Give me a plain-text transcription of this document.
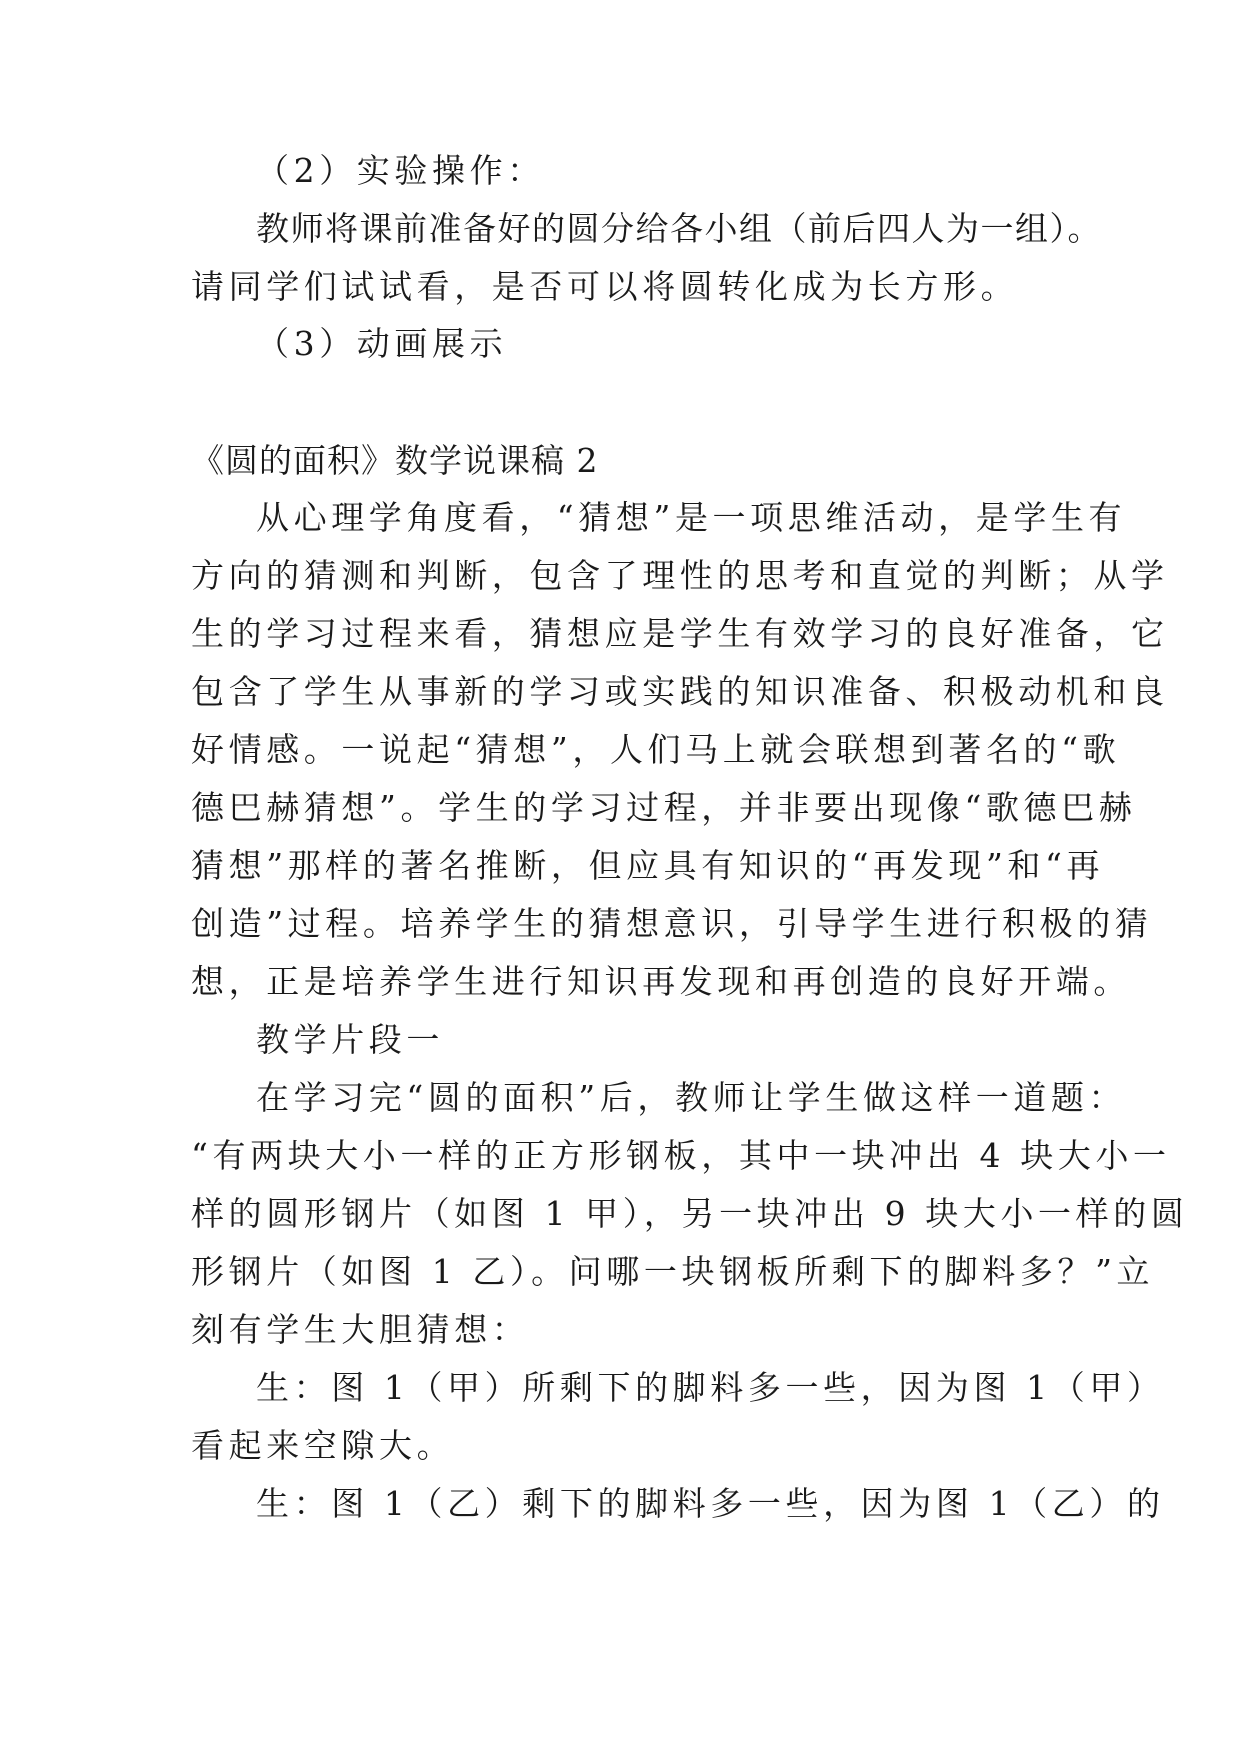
（2）实验操作：

教师将课前准备好的圆分给各小组（前后四人为一组）。

请同学们试试看，是否可以将圆转化成为长方形。

（3）动画展示

《圆的面积》数学说课稿 2

从心理学角度看，“猜想”是一项思维活动，是学生有

方向的猜测和判断，包含了理性的思考和直觉的判断；从学

生的学习过程来看，猜想应是学生有效学习的良好准备，它

包含了学生从事新的学习或实践的知识准备、积极动机和良

好情感。一说起“猜想”，人们马上就会联想到著名的“歌

德巴赫猜想”。学生的学习过程，并非要出现像“歌德巴赫

猜想”那样的著名推断，但应具有知识的“再发现”和“再

创造”过程。培养学生的猜想意识，引导学生进行积极的猜

想，正是培养学生进行知识再发现和再创造的良好开端。

教学片段一

在学习完“圆的面积”后，教师让学生做这样一道题：

“有两块大小一样的正方形钢板，其中一块冲出 4 块大小一

样的圆形钢片（如图 1 甲），另一块冲出 9 块大小一样的圆

形钢片（如图 1 乙）。问哪一块钢板所剩下的脚料多？”立

刻有学生大胆猜想：

生：图 1（甲）所剩下的脚料多一些，因为图 1（甲）

看起来空隙大。

生：图 1（乙）剩下的脚料多一些，因为图 1（乙）的
